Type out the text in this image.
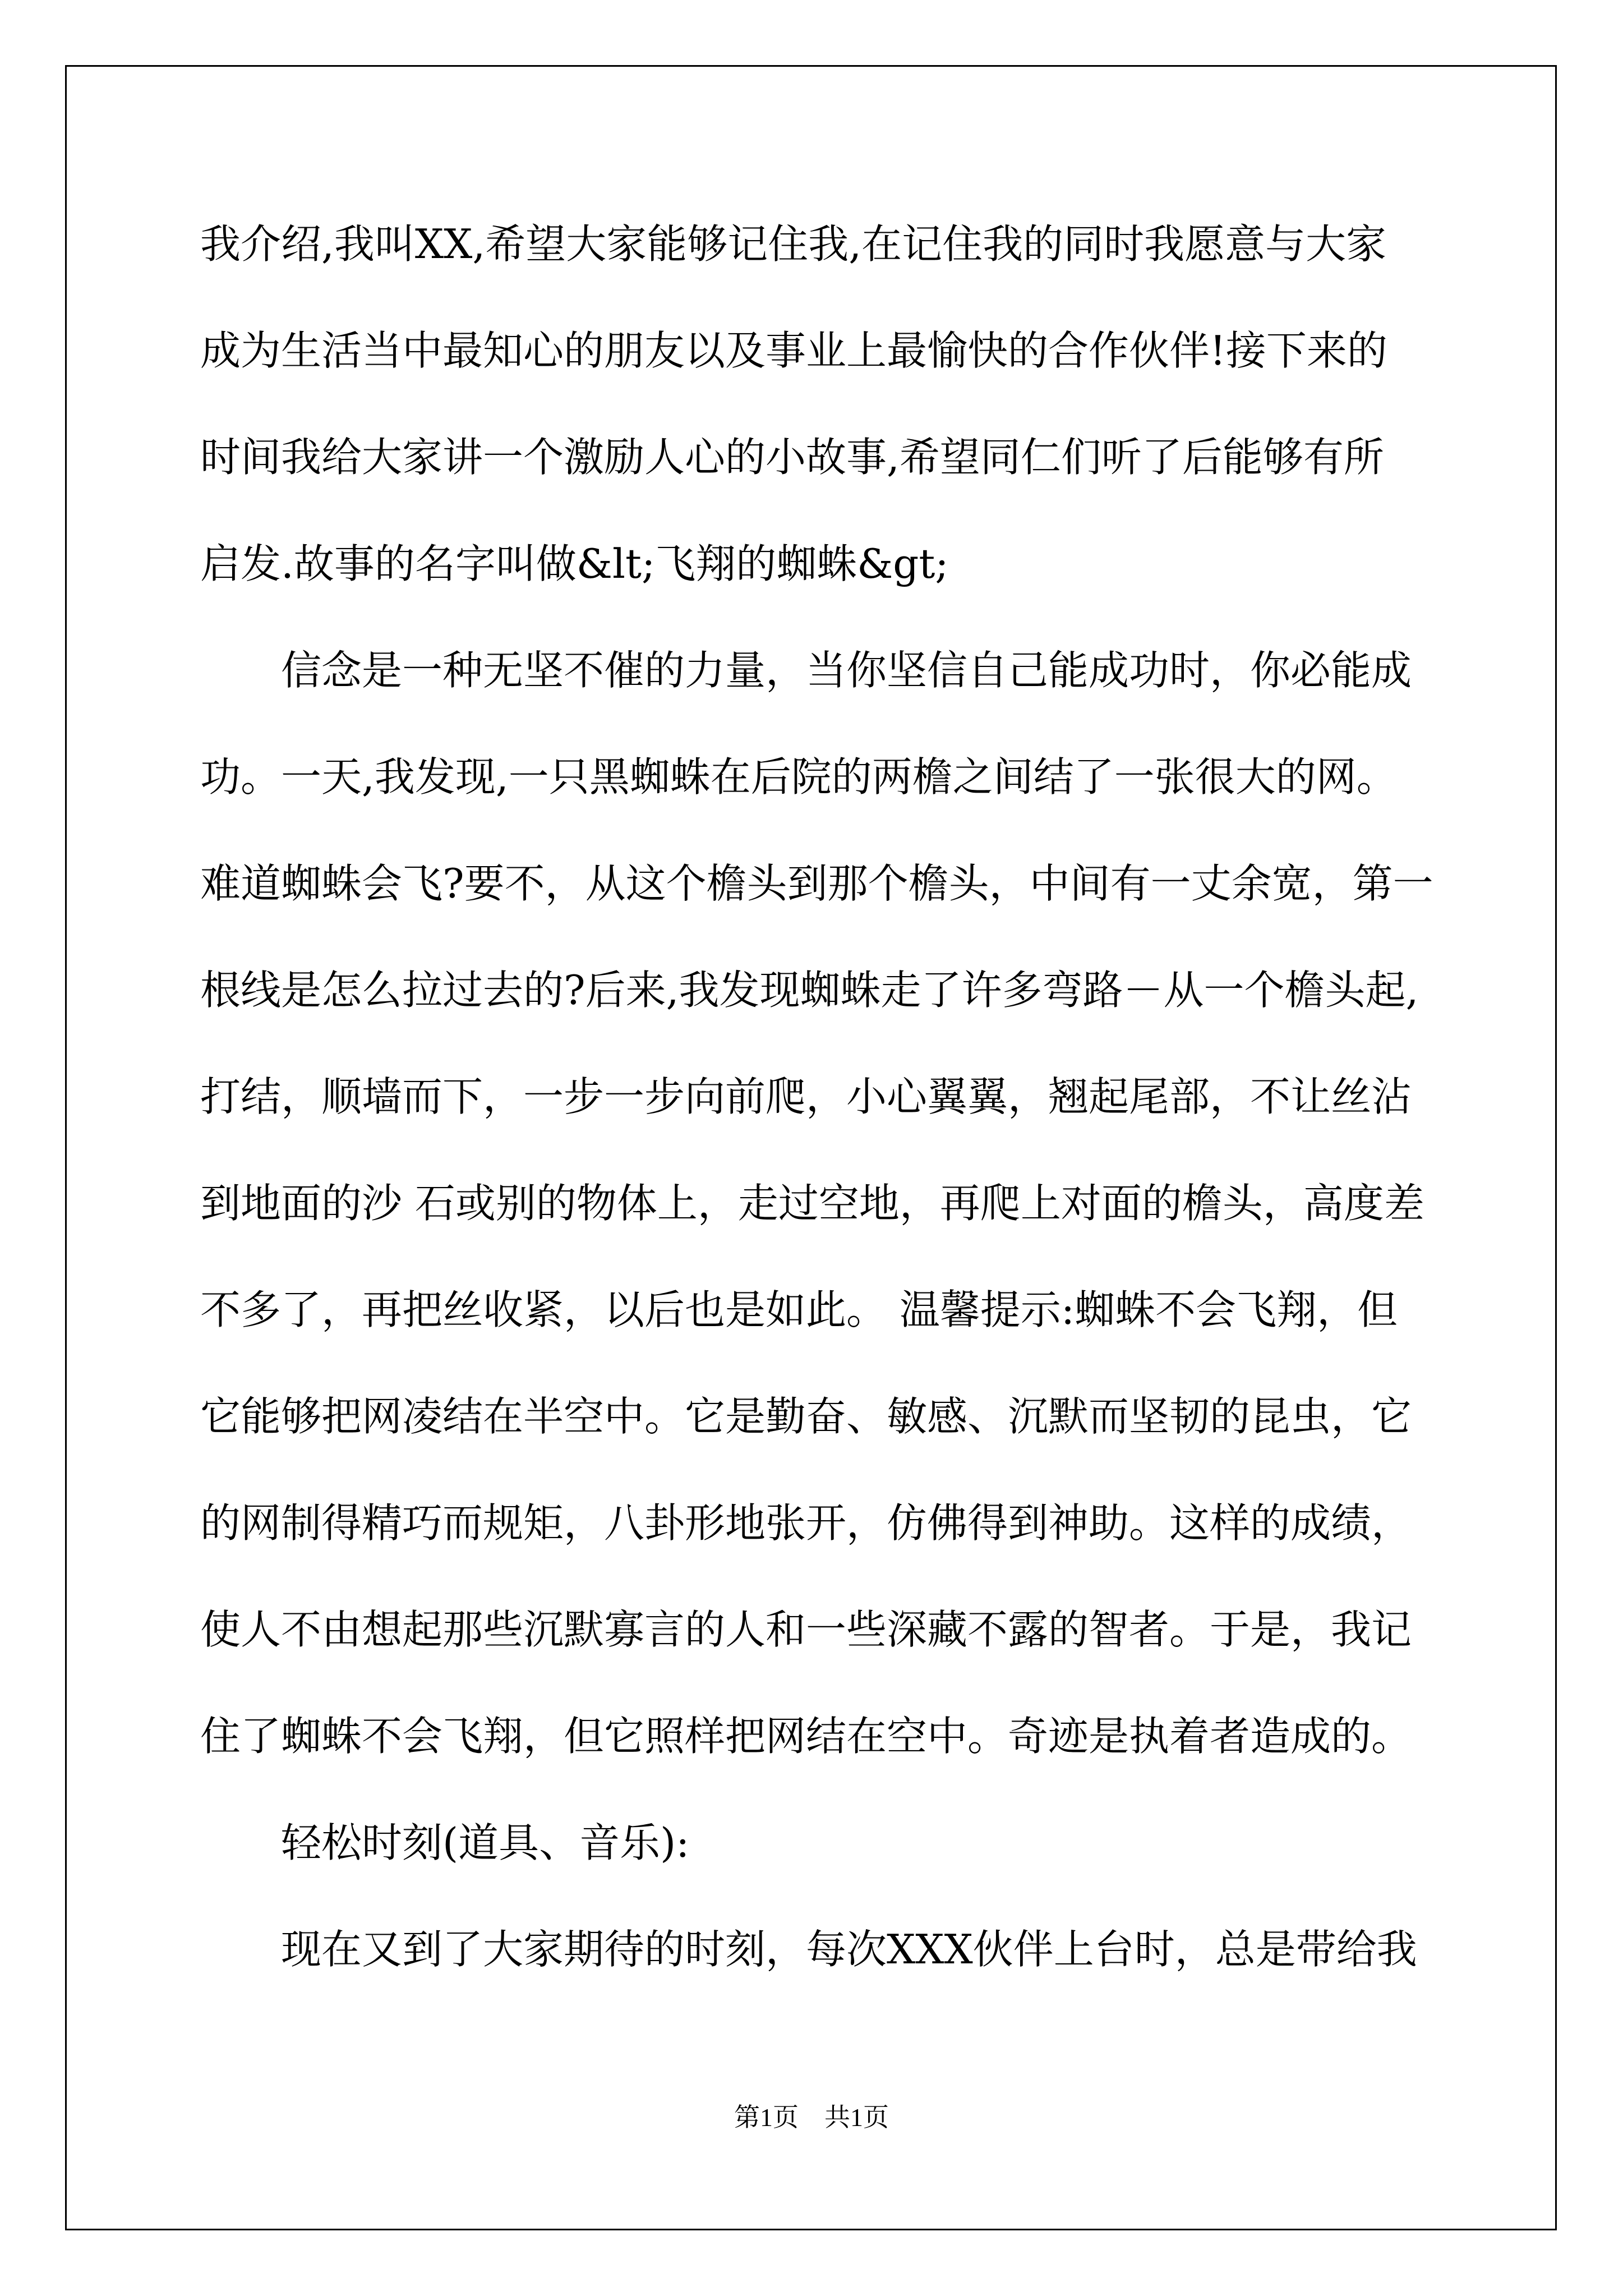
我介绍,我叫XX,希望大家能够记住我,在记住我的同时我愿意与大家
成为生活当中最知心的朋友以及事业上最愉快的合作伙伴!接下来的
时间我给大家讲一个激励人心的小故事,希望同仁们听了后能够有所
启发.故事的名字叫做&lt;飞翔的蜘蛛&gt;
　　信念是一种无坚不催的力量，当你坚信自己能成功时，你必能成
功。一天,我发现,一只黑蜘蛛在后院的两檐之间结了一张很大的网。
难道蜘蛛会飞?要不，从这个檐头到那个檐头，中间有一丈余宽，第一
根线是怎么拉过去的?后来,我发现蜘蛛走了许多弯路－从一个檐头起,
打结，顺墙而下，一步一步向前爬，小心翼翼，翘起尾部，不让丝沾
到地面的沙 石或别的物体上，走过空地，再爬上对面的檐头，高度差
不多了，再把丝收紧，以后也是如此。 温馨提示:蜘蛛不会飞翔，但
它能够把网凌结在半空中。它是勤奋、敏感、沉默而坚韧的昆虫，它
的网制得精巧而规矩，八卦形地张开，仿佛得到神助。这样的成绩，
使人不由想起那些沉默寡言的人和一些深藏不露的智者。于是，我记
住了蜘蛛不会飞翔，但它照样把网结在空中。奇迹是执着者造成的。
　　轻松时刻(道具、音乐):
　　现在又到了大家期待的时刻，每次XXX伙伴上台时，总是带给我
第1页　共1页
